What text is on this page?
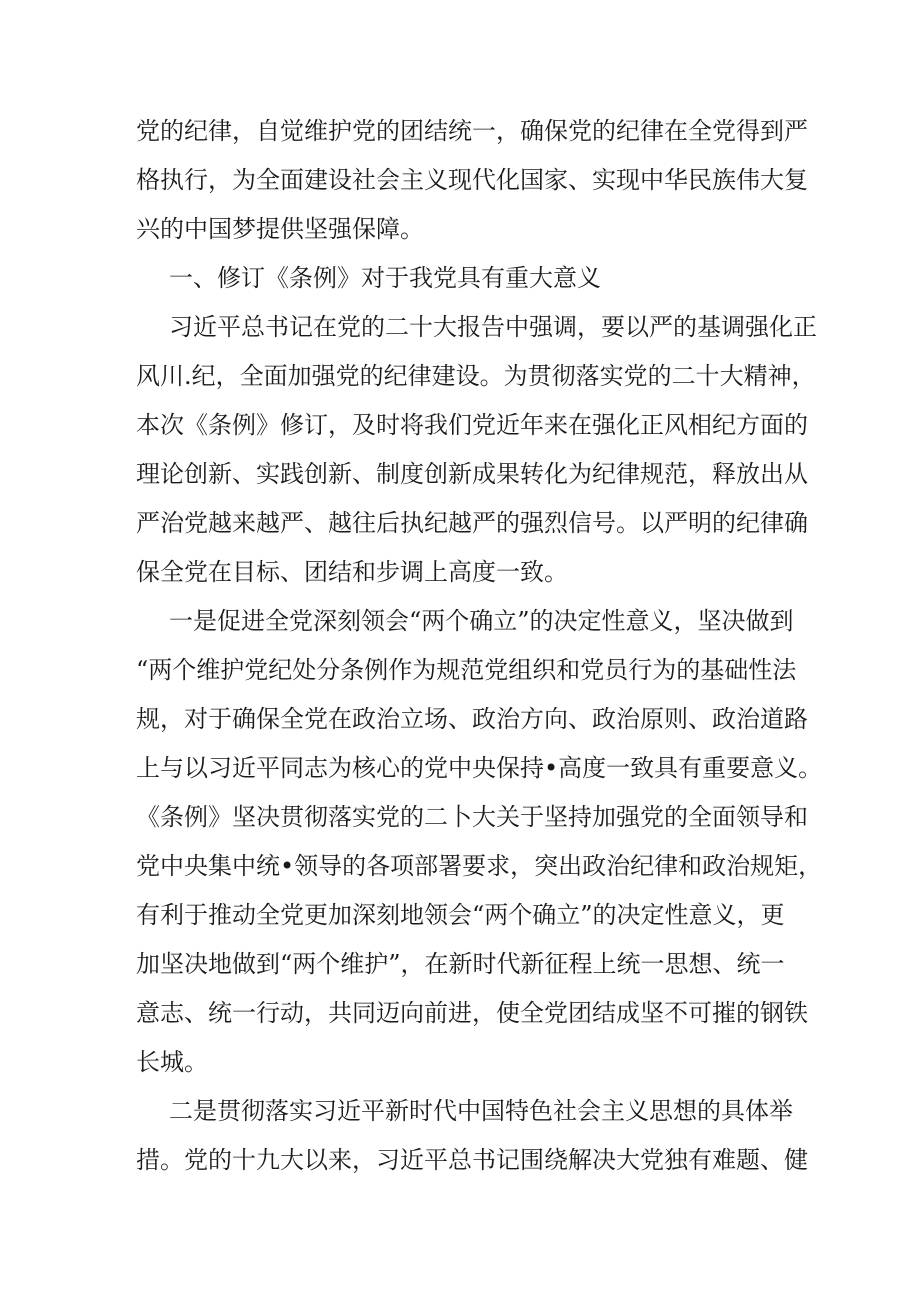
党的纪律，自觉维护党的团结统一，确保党的纪律在全党得到严
格执行，为全面建设社会主义现代化国家、实现中华民族伟大复
兴的中国梦提供坚强保障。
一、修订《条例》对于我党具有重大意义
习近平总书记在党的二十大报告中强调，要以严的基调强化正
风川.纪，全面加强党的纪律建设。为贯彻落实党的二十大精神，
本次《条例》修订，及时将我们党近年来在强化正风相纪方面的
理论创新、实践创新、制度创新成果转化为纪律规范，释放出从
严治党越来越严、越往后执纪越严的强烈信号。以严明的纪律确
保全党在目标、团结和步调上高度一致。
一是促进全党深刻领会“两个确立”的决定性意义，坚决做到
“两个维护党纪处分条例作为规范党组织和党员行为的基础性法
规，对于确保全党在政治立场、政治方向、政治原则、政治道路
上与以习近平同志为核心的党中央保持•高度一致具有重要意义。
《条例》坚决贯彻落实党的二卜大关于坚持加强党的全面领导和
党中央集中统•领导的各项部署要求，突出政治纪律和政治规矩，
有利于推动全党更加深刻地领会“两个确立”的决定性意义，更
加坚决地做到“两个维护”，在新时代新征程上统一思想、统一
意志、统一行动，共同迈向前进，使全党团结成坚不可摧的钢铁
长城。
二是贯彻落实习近平新时代中国特色社会主义思想的具体举
措。党的十九大以来，习近平总书记围绕解决大党独有难题、健
